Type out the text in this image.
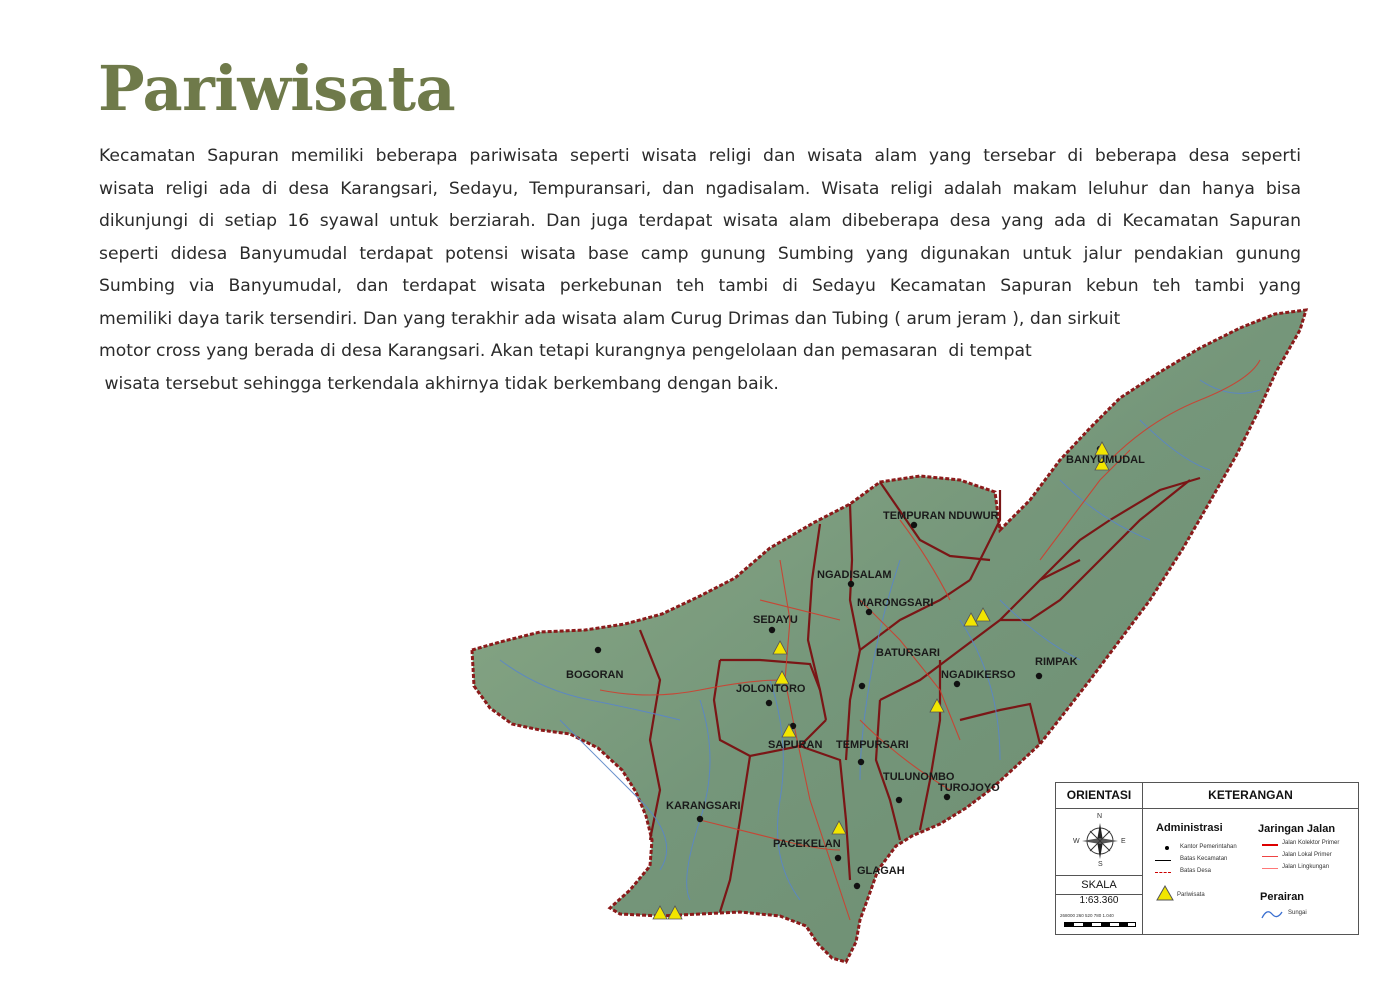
Pariwisata
Kecamatan Sapuran memiliki beberapa pariwisata seperti wisata religi dan wisata alam yang tersebar di beberapa desa seperti
wisata religi ada di desa Karangsari, Sedayu, Tempuransari, dan ngadisalam. Wisata religi adalah makam leluhur dan hanya bisa
dikunjungi di setiap 16 syawal untuk berziarah. Dan juga terdapat wisata alam dibeberapa desa yang ada di Kecamatan Sapuran
seperti didesa Banyumudal terdapat potensi wisata base camp gunung Sumbing yang digunakan untuk jalur pendakian gunung
Sumbing via Banyumudal, dan terdapat wisata perkebunan teh tambi di Sedayu Kecamatan Sapuran kebun teh tambi yang
memiliki daya tarik tersendiri. Dan yang terakhir ada wisata alam Curug Drimas dan Tubing ( arum jeram ), dan sirkuit
motor cross yang berada di desa Karangsari. Akan tetapi kurangnya pengelolaan dan pemasaran  di tempat
wisata tersebut sehingga terkendala akhirnya tidak berkembang dengan baik.
BANYUMUDAL
TEMPURAN NDUWUR
NGADISALAM
MARONGSARI
SEDAYU
BATURSARI
NGADIKERSO
RIMPAK
BOGORAN
JOLONTORO
SAPURAN TEMPURSARI
TULUNOMBO
TUROJOYO
KARANGSARI
PACEKELAN
GLAGAH
ORIENTASI	KETERANGAN
N
S
W	E
SKALA
1:63.360
268000 260 520 780 1.040
Administrasi
Kantor Pemerintahan
Batas Kecamatan
Batas Desa
Pariwisata
Jaringan Jalan
Jalan Kolektor Primer
Jalan Lokal Primer
Jalan Lingkungan
Perairan
Sungai
